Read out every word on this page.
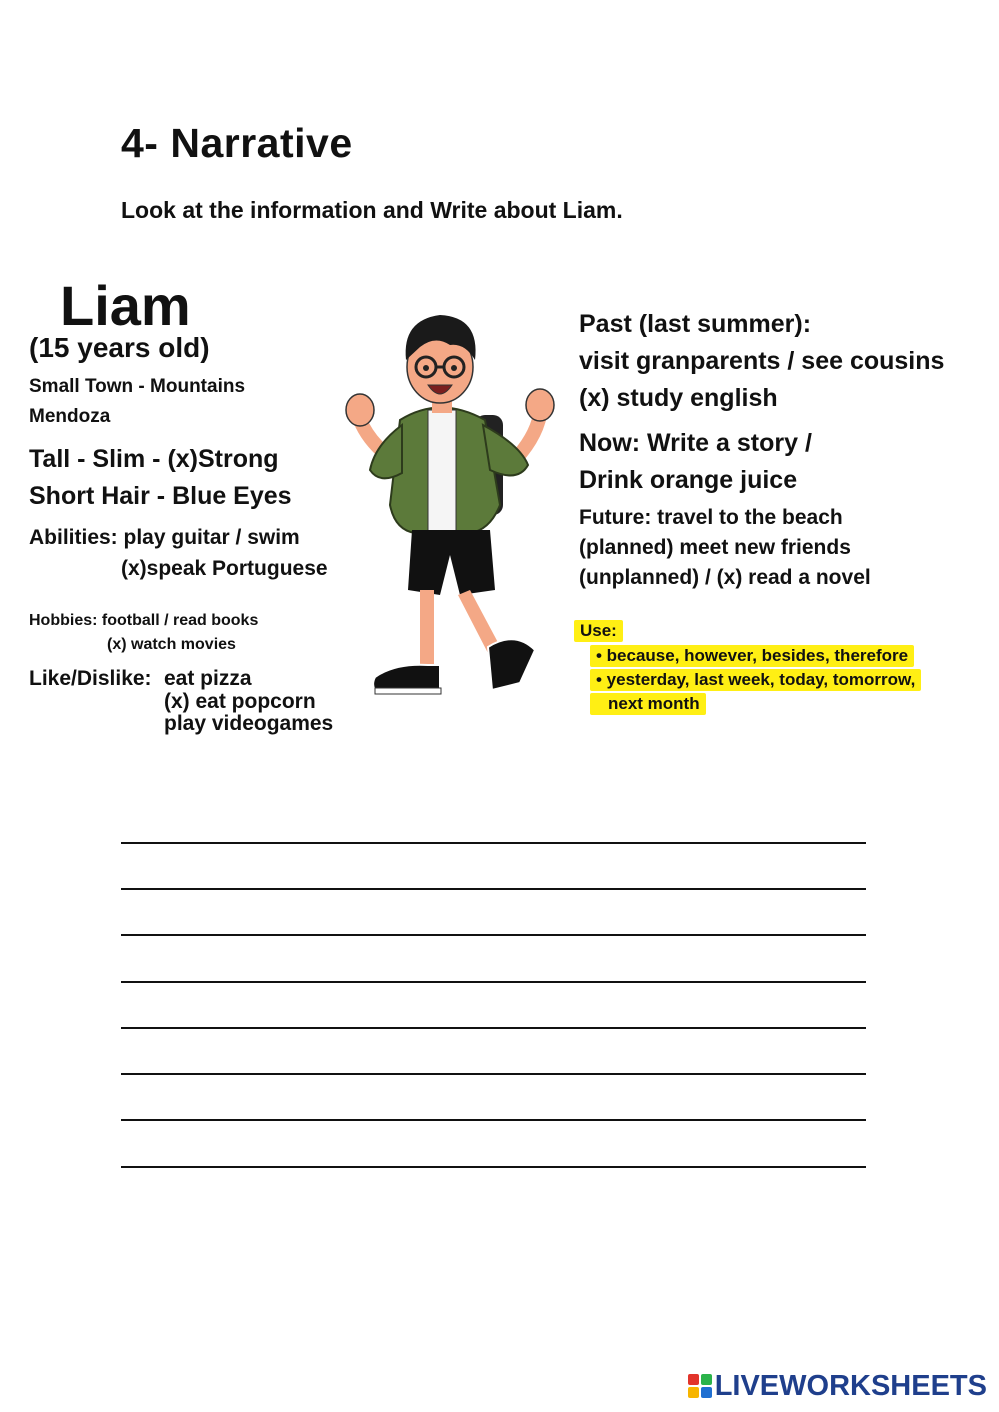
4- Narrative
Look at the information and Write about Liam.
Liam
(15 years old)
Small Town - Mountains
Mendoza
Tall - Slim - (x)Strong
Short Hair - Blue Eyes
Abilities: play guitar / swim
(x)speak Portuguese
Hobbies: football / read books
(x) watch movies
Like/Dislike: eat pizza
(x) eat popcorn
play videogames
Past (last summer):
visit granparents / see cousins
(x) study english
Now: Write a story /
Drink orange juice
Future: travel to the beach
(planned) meet new friends
(unplanned) / (x) read a novel
Use:
• because, however, besides, therefore
• yesterday, last week, today, tomorrow,
next month
LIVEWORKSHEETS
